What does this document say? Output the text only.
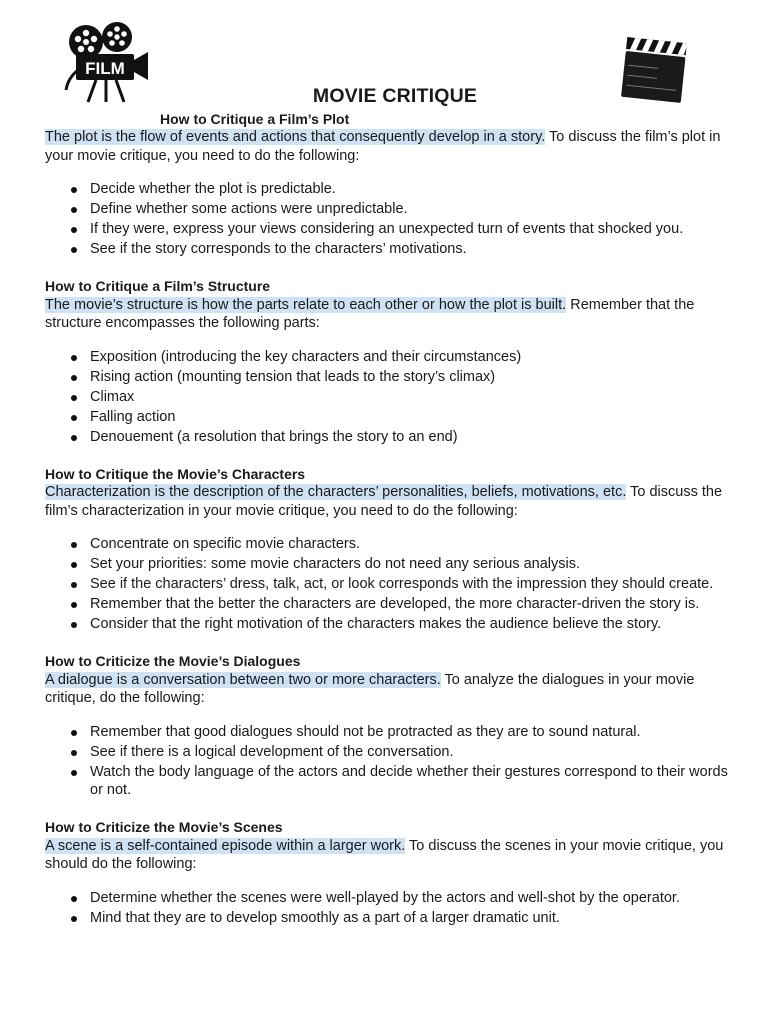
FILM
MOVIE CRITIQUE
How to Critique a Film’s Plot

The plot is the flow of events and actions that consequently develop in a story. To discuss the film’s plot in your movie critique, you need to do the following:

Decide whether the plot is predictable.
Define whether some actions were unpredictable.
If they were, express your views considering an unexpected turn of events that shocked you.
See if the story corresponds to the characters’ motivations.

How to Critique a Film’s Structure

The movie’s structure is how the parts relate to each other or how the plot is built. Remember that the structure encompasses the following parts:

Exposition (introducing the key characters and their circumstances)
Rising action (mounting tension that leads to the story’s climax)
Climax
Falling action
Denouement (a resolution that brings the story to an end)

How to Critique the Movie’s Characters

Characterization is the description of the characters’ personalities, beliefs, motivations, etc. To discuss the film’s characterization in your movie critique, you need to do the following:

Concentrate on specific movie characters.
Set your priorities: some movie characters do not need any serious analysis.
See if the characters’ dress, talk, act, or look corresponds with the impression they should create.
Remember that the better the characters are developed, the more character-driven the story is.
Consider that the right motivation of the characters makes the audience believe the story.

How to Criticize the Movie’s Dialogues

A dialogue is a conversation between two or more characters. To analyze the dialogues in your movie critique, do the following:

Remember that good dialogues should not be protracted as they are to sound natural.
See if there is a logical development of the conversation.
Watch the body language of the actors and decide whether their gestures correspond to their words or not.

How to Criticize the Movie’s Scenes

A scene is a self-contained episode within a larger work. To discuss the scenes in your movie critique, you should do the following:

Determine whether the scenes were well-played by the actors and well-shot by the operator.
Mind that they are to develop smoothly as a part of a larger dramatic unit.
